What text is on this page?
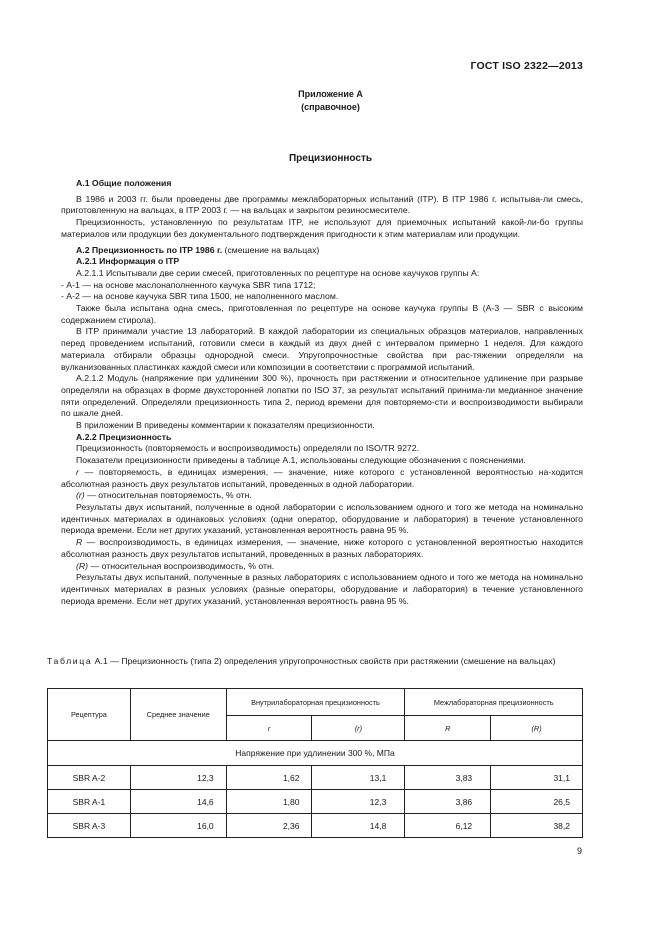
ГОСТ ISO 2322—2013
Приложение А
(справочное)
Прецизионность

А.1 Общие положения

В 1986 и 2003 гг. были проведены две программы межлабораторных испытаний (ITP). В ITP 1986 г. испытыва-ли смесь, приготовленную на вальцах, в ITP 2003 г. — на вальцах и закрытом резиносмесителе.

Прецизионность, установленную по результатам ITP, не используют для приемочных испытаний какой-ли-бо группы материалов или продукции без документального подтверждения пригодности к этим материалам или продукции.

А.2 Прецизионность по ITP 1986 г. (смешение на вальцах)

А.2.1 Информация о ITP

А.2.1.1 Испытывали две серии смесей, приготовленных по рецептуре на основе каучуков группы А:

- А-1 — на основе маслонаполненного каучука SBR типа 1712;

- А-2 — на основе каучука SBR типа 1500, не наполненного маслом.

Также была испытана одна смесь, приготовленная по рецептуре на основе каучука группы В (А-3 — SBR с высоким содержанием стирола).

В ITP принимали участие 13 лабораторий. В каждой лаборатории из специальных образцов материалов, направленных перед проведением испытаний, готовили смеси в каждый из двух дней с интервалом примерно 1 неделя. Для каждого материала отбирали образцы однородной смеси. Упругопрочностные свойства при рас-тяжении определяли на вулканизованных пластинках каждой смеси или композиции в соответствии с программой испытаний.

А.2.1.2 Модуль (напряжение при удлинении 300 %), прочность при растяжении и относительное удлинение при разрыве определяли на образцах в форме двухсторонней лопатки по ISO 37, за результат испытаний принима-ли медианное значение пяти определений. Определяли прецизионность типа 2, период времени для повторяемо-сти и воспроизводимости выбирали по шкале дней.

В приложении В приведены комментарии к показателям прецизионности.

А.2.2 Прецизионность

Прецизионность (повторяемость и воспроизводимость) определяли по ISO/TR 9272.

Показатели прецизионности приведены в таблице А.1, использованы следующие обозначения с пояснениями.

r — повторяемость, в единицах измерения, — значение, ниже которого с установленной вероятностью на-ходится абсолютная разность двух результатов испытаний, проведенных в одной лаборатории.

(r) — относительная повторяемость, % отн.

Результаты двух испытаний, полученные в одной лаборатории с использованием одного и того же метода на номинально идентичных материалах в одинаковых условиях (одни оператор, оборудование и лаборатория) в течение установленного периода времени. Если нет других указаний, установленная вероятность равна 95 %.

R — воспроизводимость, в единицах измерения, — значение, ниже которого с установленной вероятностью находится абсолютная разность двух результатов испытаний, проведенных в разных лабораториях.

(R) — относительная воспроизводимость, % отн.

Результаты двух испытаний, полученные в разных лабораториях с использованием одного и того же метода на номинально идентичных материалах в разных условиях (разные операторы, оборудование и лаборатория) в течение установленного периода времени. Если нет других указаний, установленная вероятность равна 95 %.

Таблица А.1 — Прецизионность (типа 2) определения упругопрочностных свойств при растяжении (смешение на вальцах)
Рецептура	Среднее значение	Внутрилабораторная прецизионность		Межлабораторная прецизионность	
		r	(r)	R	(R)
Напряжение при удлинении 300 %, МПа					
SBR A-2	12,3	1,62	13,1	3,83	31,1
SBR A-1	14,6	1,80	12,3	3,86	26,5
SBR A-3	16,0	2,36	14,8	6,12	38,2
9
